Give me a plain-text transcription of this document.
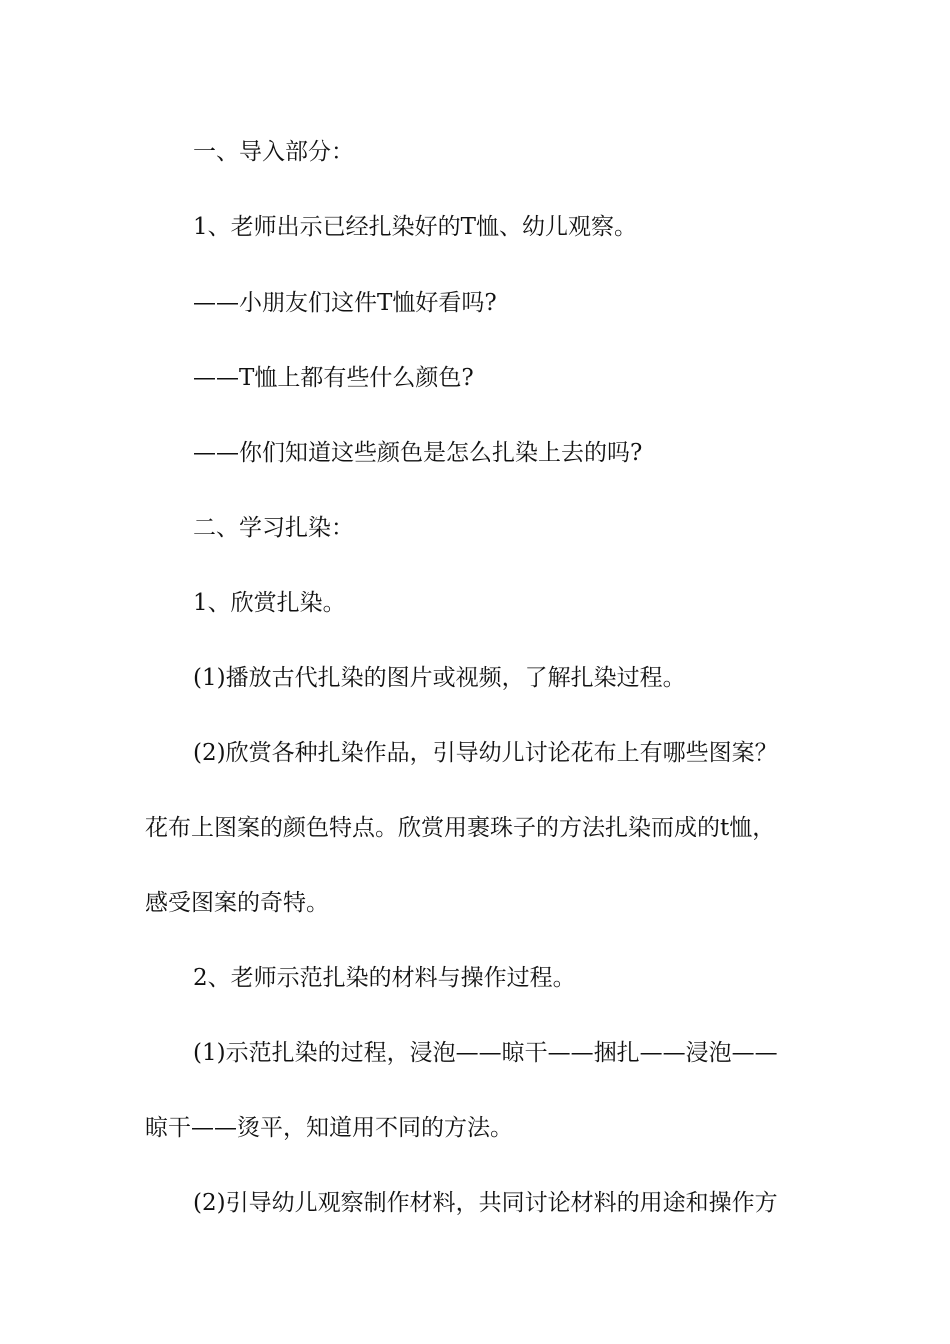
一、导入部分：

1、老师出示已经扎染好的T恤、幼儿观察。

——小朋友们这件T恤好看吗?

——T恤上都有些什么颜色?

——你们知道这些颜色是怎么扎染上去的吗?

二、学习扎染：

1、欣赏扎染。

(1)播放古代扎染的图片或视频，了解扎染过程。

(2)欣赏各种扎染作品，引导幼儿讨论花布上有哪些图案？

花布上图案的颜色特点。欣赏用裹珠子的方法扎染而成的t恤，

感受图案的奇特。

2、老师示范扎染的材料与操作过程。

(1)示范扎染的过程，浸泡——晾干——捆扎——浸泡——

晾干——烫平，知道用不同的方法。

(2)引导幼儿观察制作材料，共同讨论材料的用途和操作方
